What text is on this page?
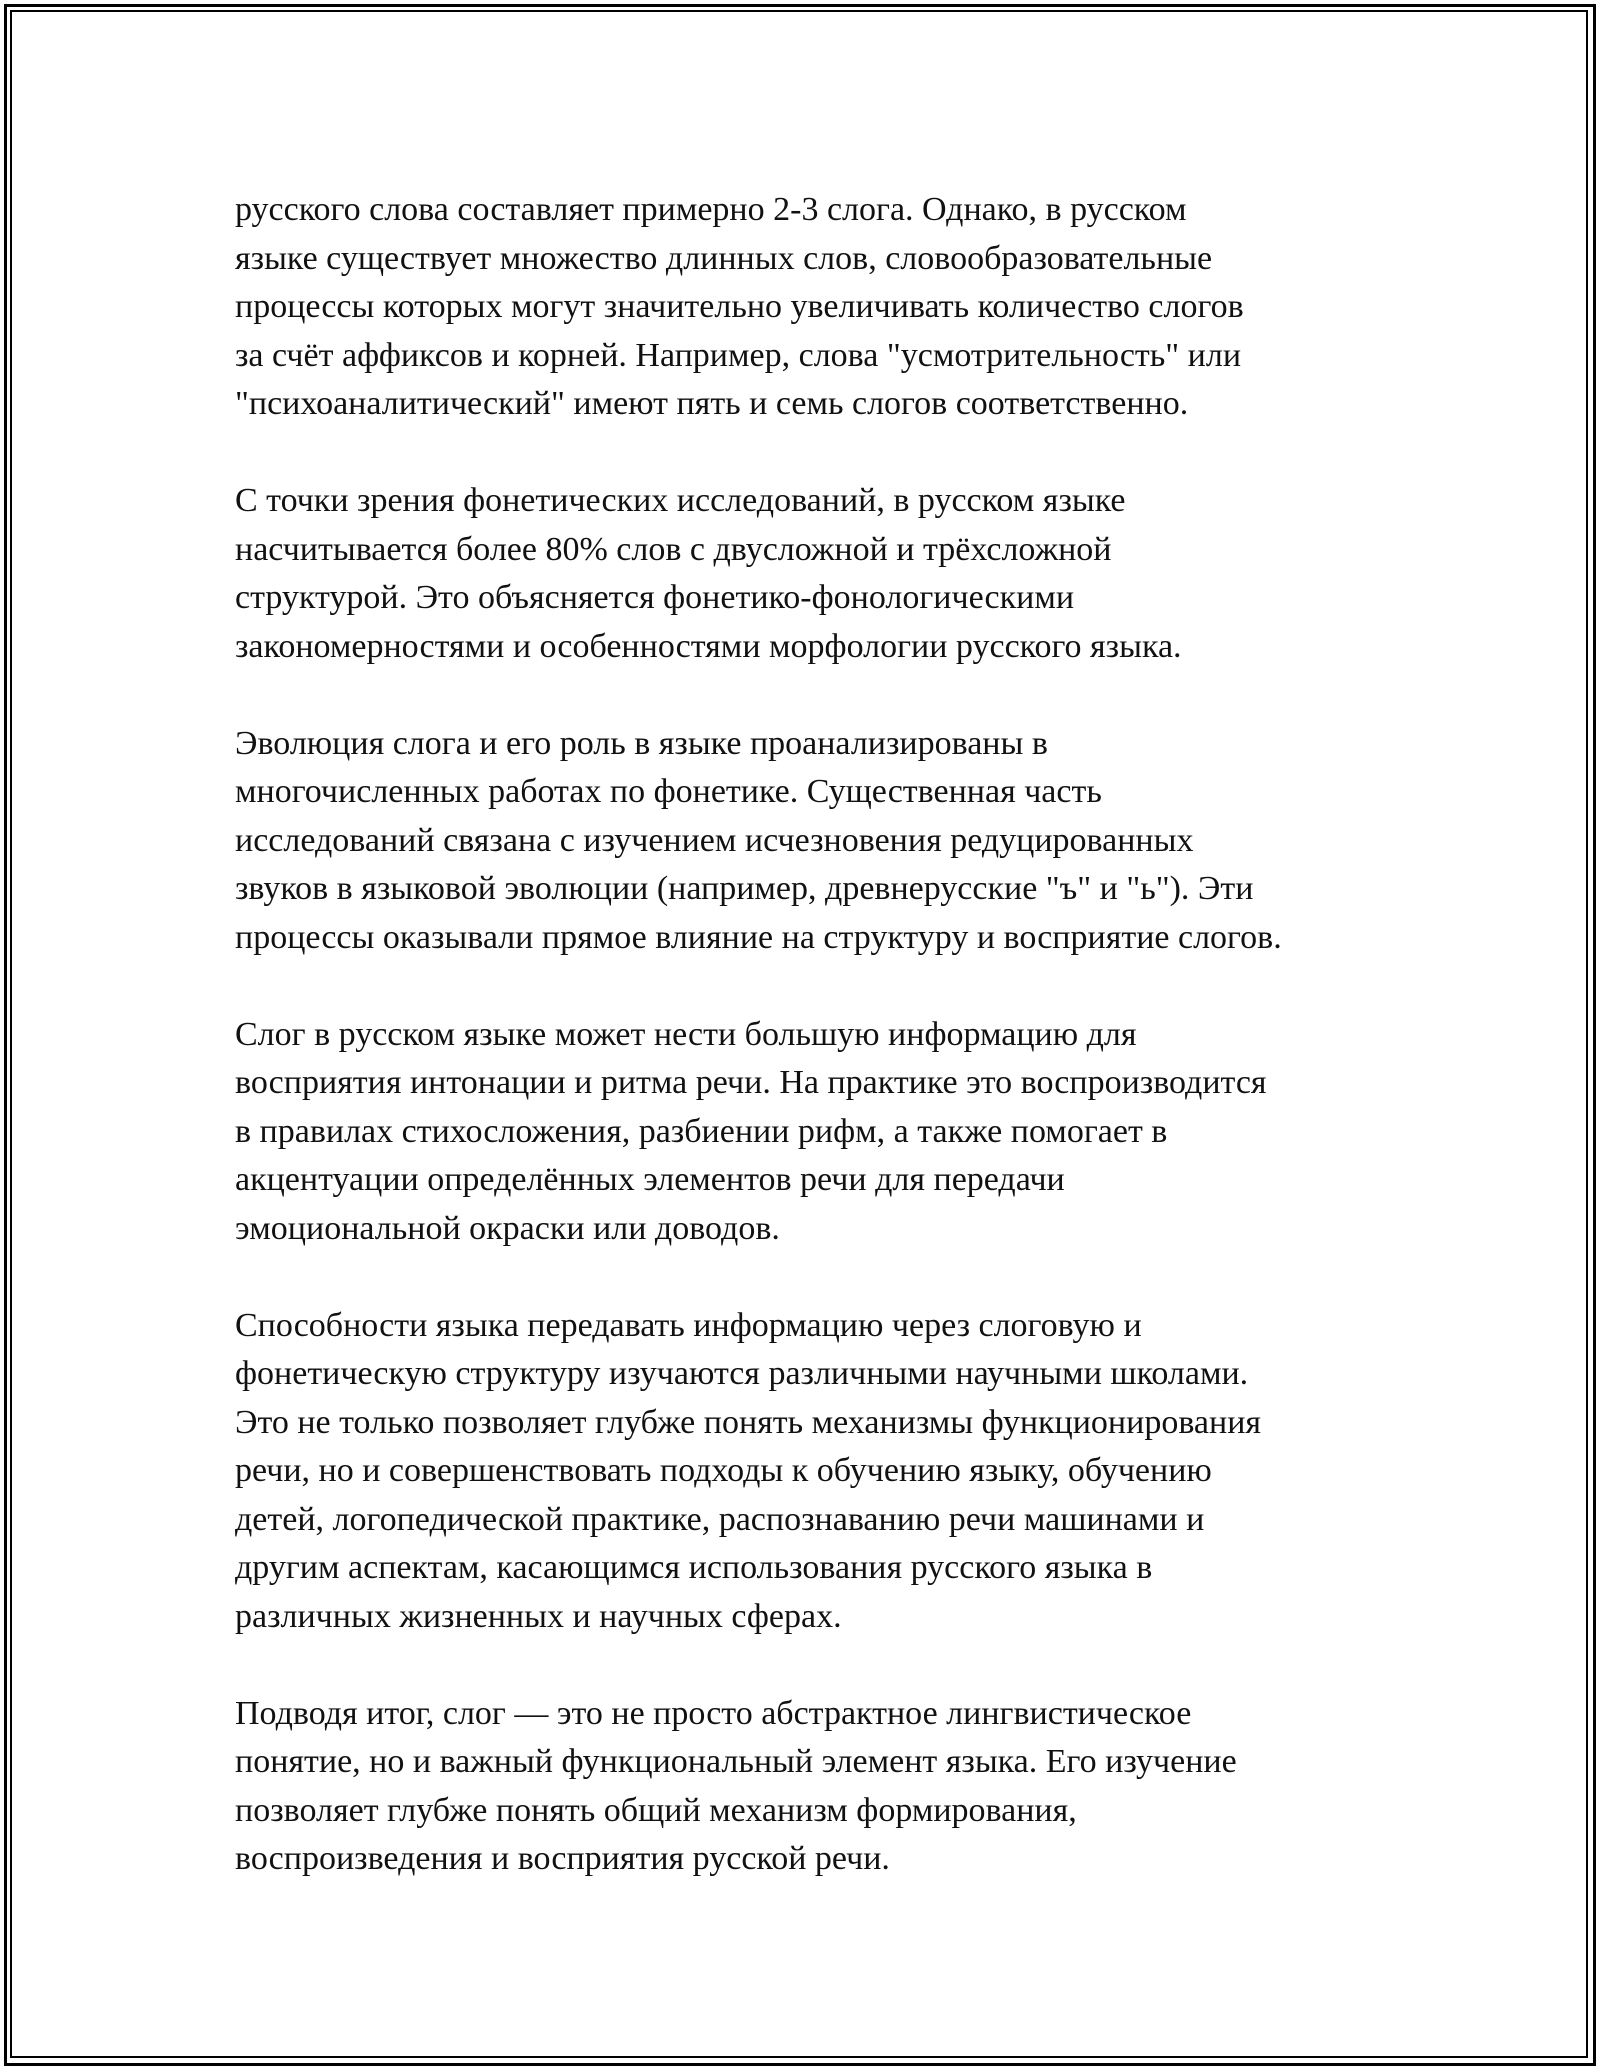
русского слова составляет примерно 2-3 слога. Однако, в русском
языке существует множество длинных слов, словообразовательные
процессы которых могут значительно увеличивать количество слогов
за счёт аффиксов и корней. Например, слова "усмотрительность" или
"психоаналитический" имеют пять и семь слогов соответственно.

С точки зрения фонетических исследований, в русском языке
насчитывается более 80% слов с двусложной и трёхсложной
структурой. Это объясняется фонетико-фонологическими
закономерностями и особенностями морфологии русского языка.

Эволюция слога и его роль в языке проанализированы в
многочисленных работах по фонетике. Существенная часть
исследований связана с изучением исчезновения редуцированных
звуков в языковой эволюции (например, древнерусские "ъ" и "ь"). Эти
процессы оказывали прямое влияние на структуру и восприятие слогов.

Слог в русском языке может нести большую информацию для
восприятия интонации и ритма речи. На практике это воспроизводится
в правилах стихосложения, разбиении рифм, а также помогает в
акцентуации определённых элементов речи для передачи
эмоциональной окраски или доводов.

Способности языка передавать информацию через слоговую и
фонетическую структуру изучаются различными научными школами.
Это не только позволяет глубже понять механизмы функционирования
речи, но и совершенствовать подходы к обучению языку, обучению
детей, логопедической практике, распознаванию речи машинами и
другим аспектам, касающимся использования русского языка в
различных жизненных и научных сферах.

Подводя итог, слог — это не просто абстрактное лингвистическое
понятие, но и важный функциональный элемент языка. Его изучение
позволяет глубже понять общий механизм формирования,
воспроизведения и восприятия русской речи.
